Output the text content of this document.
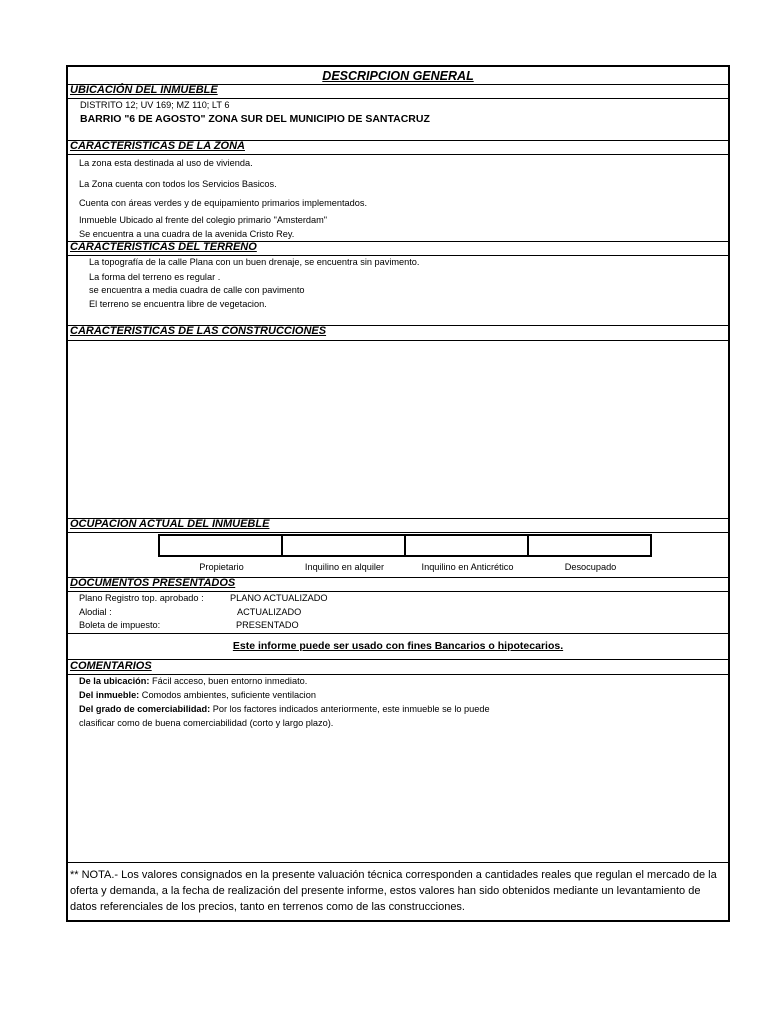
DESCRIPCION GENERAL
UBICACIÓN DEL INMUEBLE
DISTRITO 12; UV 169; MZ 110; LT 6
BARRIO "6 DE AGOSTO" ZONA SUR DEL MUNICIPIO DE SANTACRUZ
CARACTERISTICAS DE LA ZONA
La zona esta destinada al uso de vivienda.
La Zona cuenta con todos los Servicios Basicos.
Cuenta con áreas verdes y de equipamiento primarios implementados.
Inmueble Ubicado al frente del colegio primario "Amsterdam"
Se encuentra a una cuadra de la avenida Cristo Rey.
CARACTERISTICAS DEL TERRENO
La topografía de la calle Plana con un buen drenaje, se encuentra sin pavimento.
La forma del terreno es regular .
se encuentra a media cuadra de calle con pavimento
El terreno se encuentra libre de vegetacion.
CARACTERISTICAS DE LAS CONSTRUCCIONES
OCUPACION ACTUAL DEL INMUEBLE
Propietario	Inquilino en alquiler	Inquilino en Anticrético	Desocupado
DOCUMENTOS PRESENTADOS
Plano Registro top. aprobado :	PLANO ACTUALIZADO
Alodial :	ACTUALIZADO
Boleta de impuesto:	PRESENTADO
Este informe puede ser usado con fines Bancarios o hipotecarios.
COMENTARIOS
De la ubicación: Fácil acceso, buen entorno inmediato.
Del inmueble: Comodos ambientes, suficiente ventilacion
Del grado de comerciabilidad: Por los factores indicados anteriormente, este inmueble se lo puede
clasificar como de buena comerciabilidad (corto y largo plazo).
** NOTA.- Los valores consignados en la presente valuación técnica corresponden a cantidades reales que regulan el mercado de la oferta y demanda, a la fecha de realización del presente informe, estos valores han sido obtenidos mediante un levantamiento de datos referenciales de los precios, tanto en terrenos como de las construcciones.
